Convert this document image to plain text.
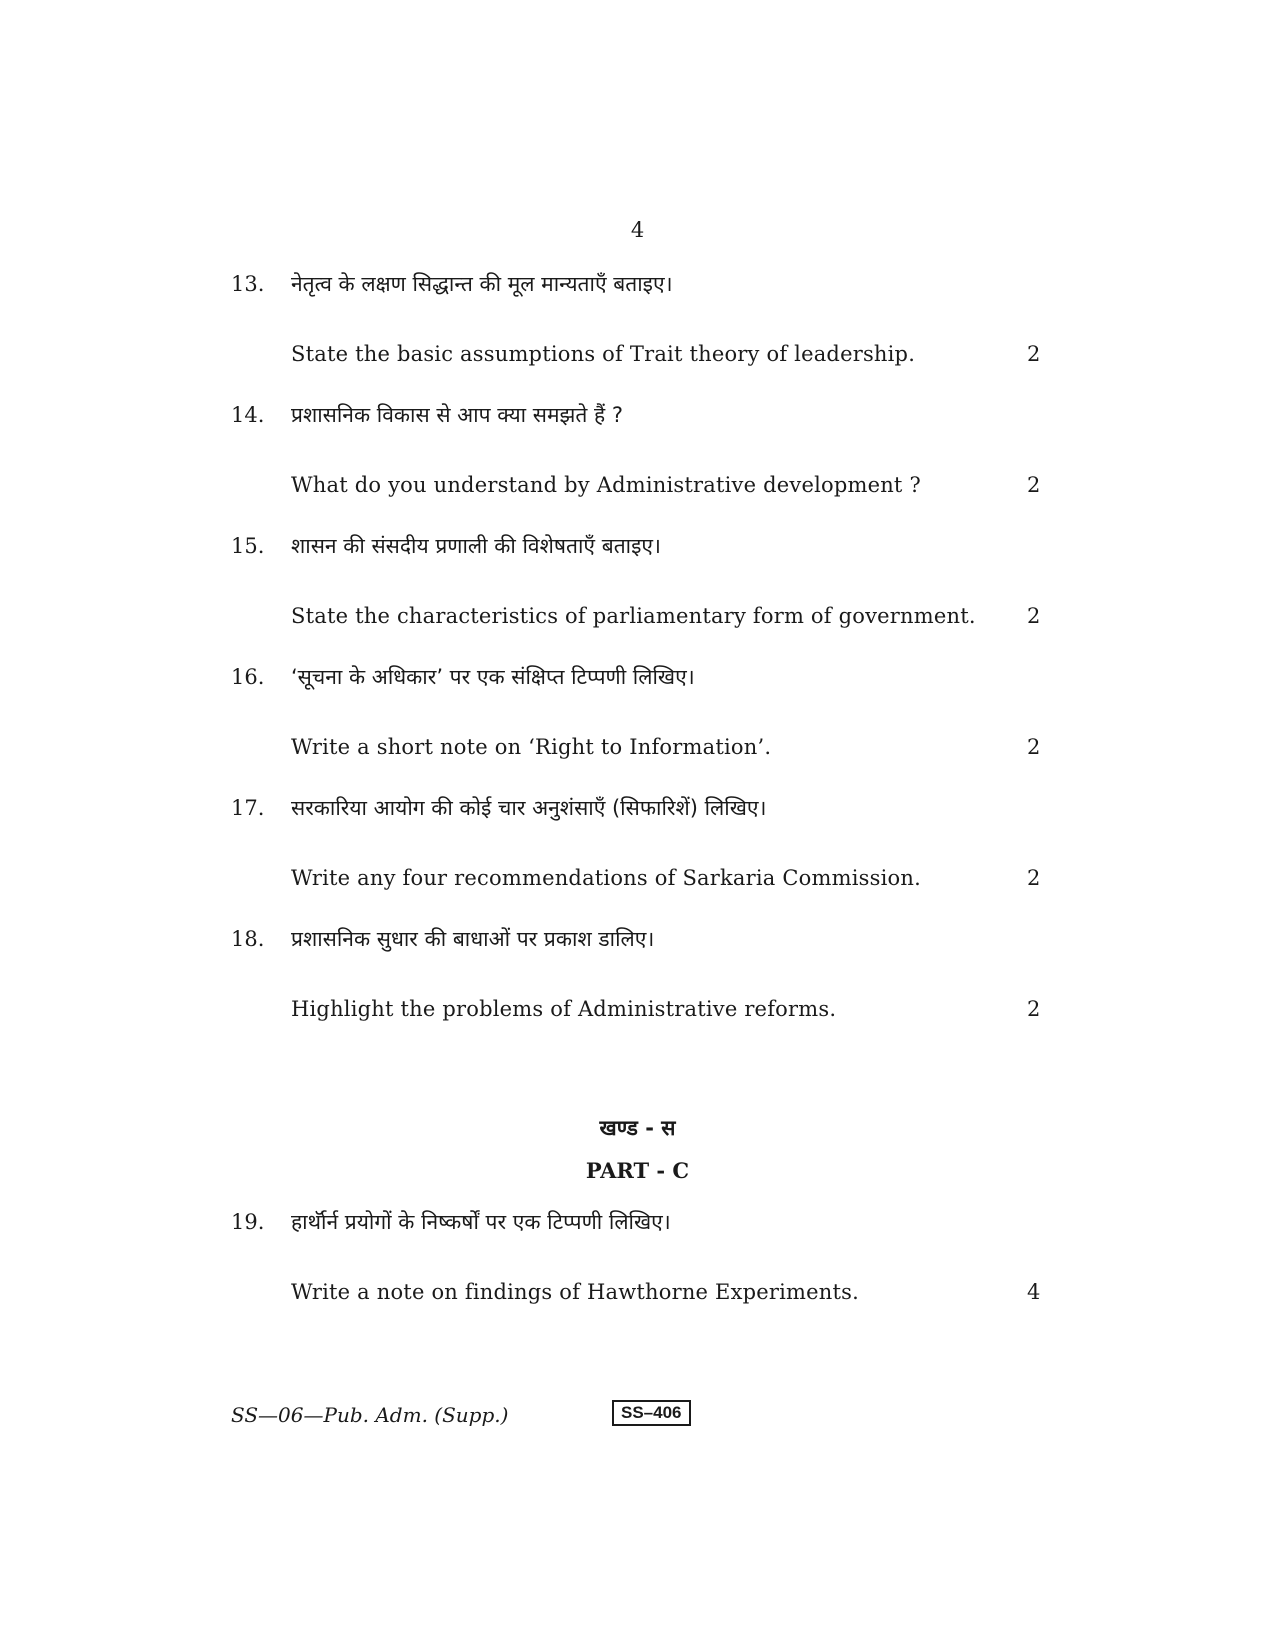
4
13. नेतृत्व के लक्षण सिद्धान्त की मूल मान्यताएँ बताइए।
State the basic assumptions of Trait theory of leadership.	2
14. प्रशासनिक विकास से आप क्या समझते हैं ?
What do you understand by Administrative development ?	2
15. शासन की संसदीय प्रणाली की विशेषताएँ बताइए।
State the characteristics of parliamentary form of government. 2
16. ‘सूचना के अधिकार’ पर एक संक्षिप्त टिप्पणी लिखिए।
Write a short note on ‘Right to Information’.	2
17. सरकारिया आयोग की कोई चार अनुशंसाएँ (सिफारिशें) लिखिए।
Write any four recommendations of Sarkaria Commission.	2
18. प्रशासनिक सुधार की बाधाओं पर प्रकाश डालिए।
Highlight the problems of Administrative reforms.	2
खण्ड - स
PART - C
19. हार्थॉर्न प्रयोगों के निष्कर्षों पर एक टिप्पणी लिखिए।
Write a note on findings of Hawthorne Experiments.	4
SS—06—Pub. Adm. (Supp.)	SS–406
